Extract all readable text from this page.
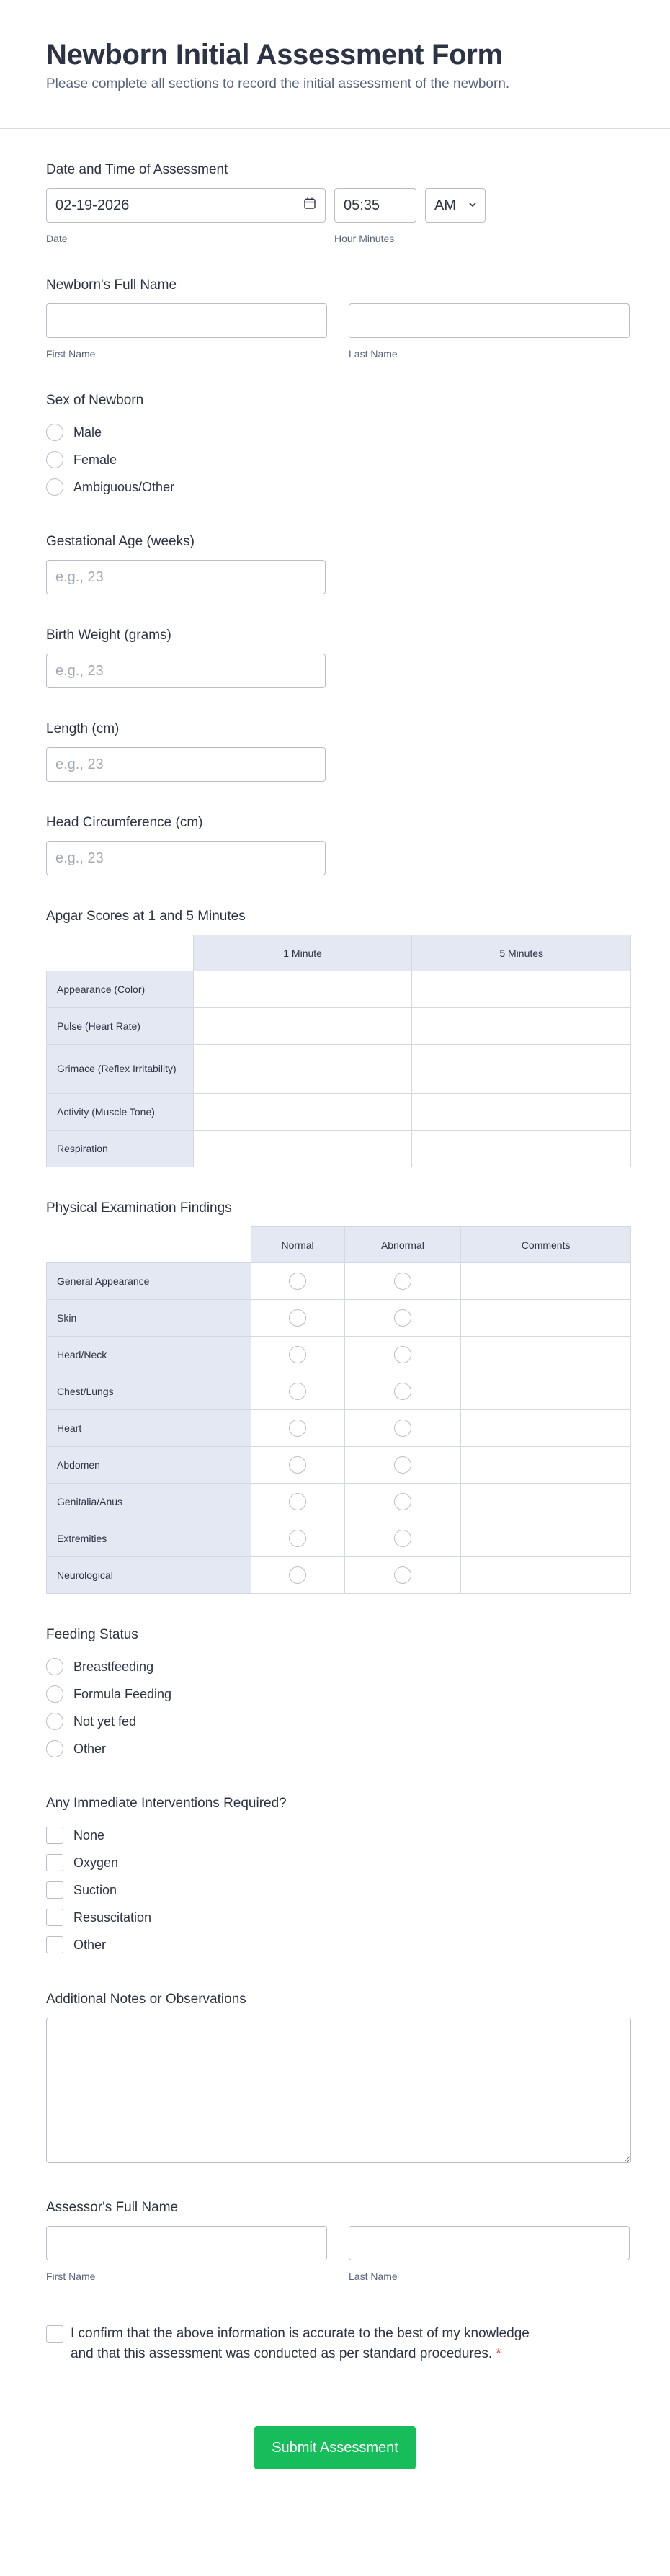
Newborn Initial Assessment Form

Please complete all sections to record the initial assessment of the newborn.

Date and Time of Assessment
02-19-2026
Date
05:35
Hour Minutes
AM
Newborn's Full Name
First Name	Last Name
Sex of Newborn
Male
Female
Ambiguous/Other
Gestational Age (weeks)
e.g., 23
Birth Weight (grams)
e.g., 23
Length (cm)
e.g., 23
Head Circumference (cm)
e.g., 23
Apgar Scores at 1 and 5 Minutes
	1 Minute	5 Minutes
Appearance (Color)		
Pulse (Heart Rate)		
Grimace (Reflex Irritability)		
Activity (Muscle Tone)		
Respiration		
Physical Examination Findings
	Normal	Abnormal	Comments
General Appearance			
Skin			
Head/Neck			
Chest/Lungs			
Heart			
Abdomen			
Genitalia/Anus			
Extremities			
Neurological			
Feeding Status
Breastfeeding
Formula Feeding
Not yet fed
Other
Any Immediate Interventions Required?
None
Oxygen
Suction
Resuscitation
Other
Additional Notes or Observations
Assessor's Full Name
First Name	Last Name
I confirm that the above information is accurate to the best of my knowledge and that this assessment was conducted as per standard procedures. *
Submit Assessment
